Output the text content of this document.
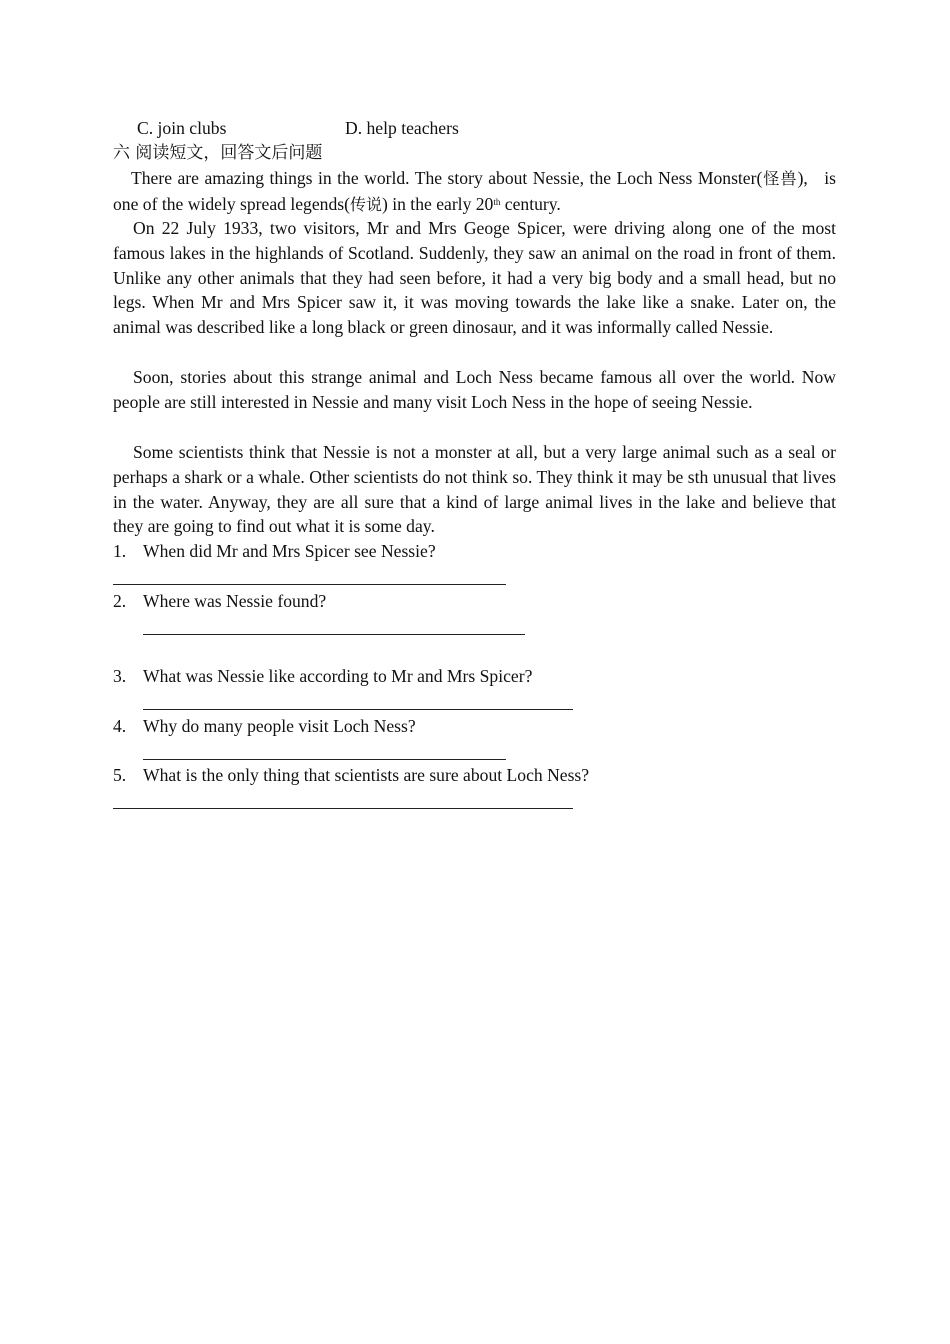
C. join clubs	D. help teachers
六 阅读短文，回答文后问题
There are amazing things in the world. The story about Nessie, the Loch Ness Monster(怪兽),   is one of the widely spread legends(传说) in the early 20th century.
On 22 July 1933, two visitors, Mr and Mrs Geoge Spicer, were driving along one of the most famous lakes in the highlands of Scotland. Suddenly, they saw an animal on the road in front of them. Unlike any other animals that they had seen before, it had a very big body and a small head, but no legs. When Mr and Mrs Spicer saw it, it was moving towards the lake like a snake. Later on, the animal was described like a long black or green dinosaur, and it was informally called Nessie.
Soon, stories about this strange animal and Loch Ness became famous all over the world. Now people are still interested in Nessie and many visit Loch Ness in the hope of seeing Nessie.
Some scientists think that Nessie is not a monster at all, but a very large animal such as a seal or perhaps a shark or a whale. Other scientists do not think so. They think it may be sth unusual that lives in the water. Anyway, they are all sure that a kind of large animal lives in the lake and believe that they are going to find out what it is some day.
1. When did Mr and Mrs Spicer see Nessie?
2. Where was Nessie found?
3. What was Nessie like according to Mr and Mrs Spicer?
4. Why do many people visit Loch Ness?
5. What is the only thing that scientists are sure about Loch Ness?
